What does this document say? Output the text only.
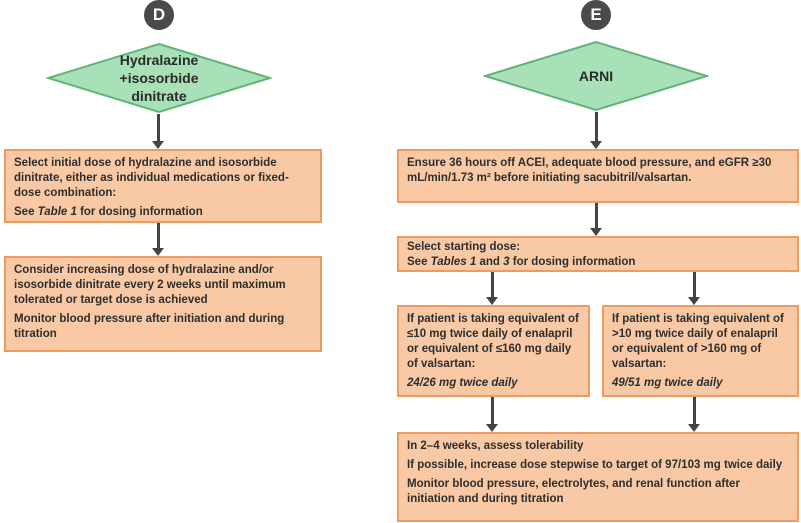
D
Hydralazine
+isosorbide
dinitrate

Select initial dose of hydralazine and isosorbide dinitrate, either as individual medications or fixed-dose combination:

See Table 1 for dosing information

Consider increasing dose of hydralazine and/or isosorbide dinitrate every 2 weeks until maximum tolerated or target dose is achieved

Monitor blood pressure after initiation and during titration

E
ARNI

Ensure 36 hours off ACEI, adequate blood pressure, and eGFR ≥30 mL/min/1.73 m² before initiating sacubitril/valsartan.

Select starting dose:

See Tables 1 and 3 for dosing information

If patient is taking equivalent of ≤10 mg twice daily of enalapril or equivalent of ≤160 mg daily of valsartan:

24/26 mg twice daily

If patient is taking equivalent of >10 mg twice daily of enalapril or equivalent of >160 mg of valsartan:

49/51 mg twice daily

In 2–4 weeks, assess tolerability

If possible, increase dose stepwise to target of 97/103 mg twice daily

Monitor blood pressure, electrolytes, and renal function after initiation and during titration
